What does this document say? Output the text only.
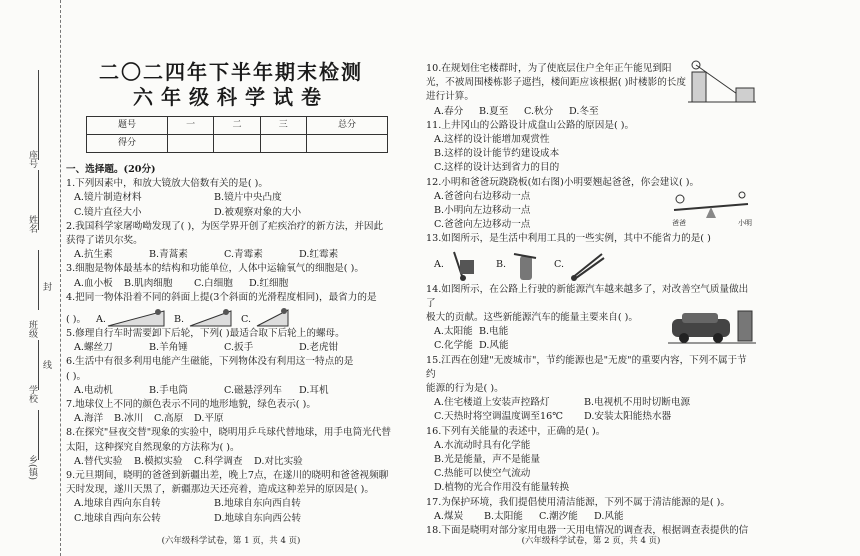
座号
姓名
封
班级
线
学校
乡(镇)
二〇二四年下半年期末检测
六年级科学试卷
题号	一	二	三	总分
得分				
一、选择题。(20分)

1.下列因素中，和放大镜放大倍数有关的是( )。

A.镜片制造材料	B.镜片中央凸度
C.镜片直径大小	D.被观察对象的大小

2.我国科学家屠呦呦发现了( )，为医学界开创了疟疾治疗的新方法，并因此

获得了诺贝尔奖。

A.抗生素	B.青蒿素	C.青霉素	D.红霉素

3.细胞是物体最基本的结构和功能单位，人体中运输氧气的细胞是( )。

A.血小板 B.肌肉细胞 C.白细胞 D.红细胞

4.把同一物体沿着不同的斜面上提(3个斜面的光滑程度相同)，最省力的是

( )。	A.	B.	C.

5.修理自行车时需要卸下后轮，下列( )最适合取下后轮上的螺母。

A.螺丝刀	B.羊角锤	C.扳手	D.老虎钳

6.生活中有很多利用电能产生磁能，下列物体没有利用这一特点的是

( )。

A.电动机	B.手电筒	C.磁悬浮列车 D.耳机

7.地球仪上不同的颜色表示不同的地形地貌，绿色表示( )。

A.海洋 B.冰川 C.高原 D.平原

8.在探究"昼夜交替"现象的实验中，晓明用乒乓球代替地球，用手电筒光代替

太阳，这种探究自然现象的方法称为( )。

A.替代实验 B.模拟实验 C.科学调查 D.对比实验

9.元旦期间，晓明的爸爸到新疆出差，晚上7点，在遂川的晓明和爸爸视频聊

天时发现，遂川天黑了，新疆那边天还亮着，造成这种差异的原因是( )。

A.地球自西向东自转	B.地球自东向西自转
C.地球自西向东公转	D.地球自东向西公转
(六年级科学试卷，第 1 页，共 4 页)

10.在规划住宅楼群时，为了使底层住户全年正午能见到阳

光，不被周围楼栋影子遮挡，楼间距应该根据( )时楼影的长度

进行计算。

A.春分 B.夏至 C.秋分 D.冬至

11.上井冈山的公路设计成盘山公路的原因是( )。

A.这样的设计能增加观赏性
B.这样的设计能节约建设成本
C.这样的设计达到省力的目的

12.小明和爸爸玩跷跷板(如右图)小明要翘起爸爸，你会建议( )。

A.爸爸向右边移动一点
B.小明向左边移动一点
C.爸爸向左边移动一点	爸爸	小明

13.如图所示，是生活中利用工具的一些实例，其中不能省力的是( )

A.	B.	C.

14.如图所示，在公路上行驶的新能源汽车越来越多了，对改善空气质量做出了

极大的贡献。这些新能源汽车的能量主要来自( )。

A.太阳能 B.电能
C.化学能 D.风能

15.江西在创建"无废城市"，节约能源也是"无废"的重要内容，下列不属于节约

能源的行为是( )。

A.住宅楼道上安装声控路灯	B.电视机不用时切断电源
C.天热时将空调温度调至16℃ D.安装太阳能热水器

16.下列有关能量的表述中，正确的是( )。

A.水流动时具有化学能
B.光是能量，声不是能量
C.热能可以使空气流动
D.植物的光合作用没有能量转换

17.为保护环境，我们提倡使用清洁能源，下列不属于清洁能源的是( )。

A.煤炭 B.太阳能 C.潮汐能 D.风能

18.下面是晓明对部分家用电器一天用电情况的调查表，根据调查表提供的信

(六年级科学试卷，第 2 页，共 4 页)
